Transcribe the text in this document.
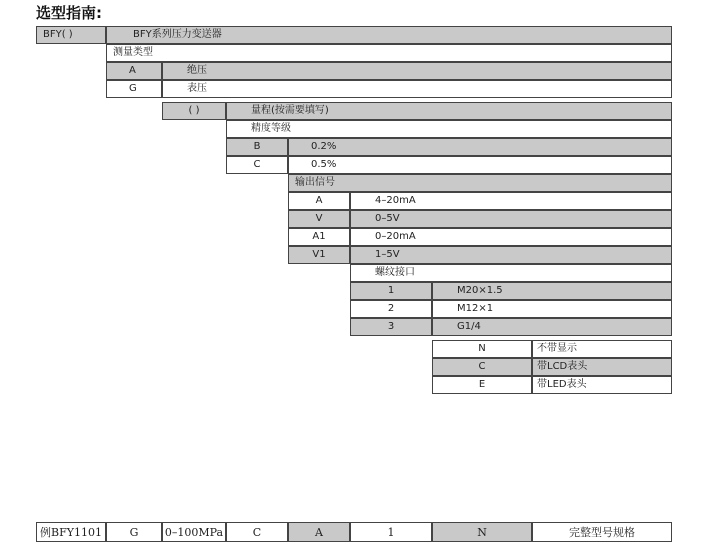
选型指南:
BFY( )	BFY系列压力变送器
测量类型
A	绝压
G	表压
( )	量程(按需要填写)
精度等级
B	0.2%
C	0.5%
输出信号
A	4–20mA
V	0–5V
A1	0–20mA
V1	1–5V
螺纹接口
1	M20×1.5
2	M12×1
3	G1/4
N	不带显示
C	带LCD表头
E	带LED表头
例BFY1101	G	0–100MPa	C	A	1	N	完整型号规格
